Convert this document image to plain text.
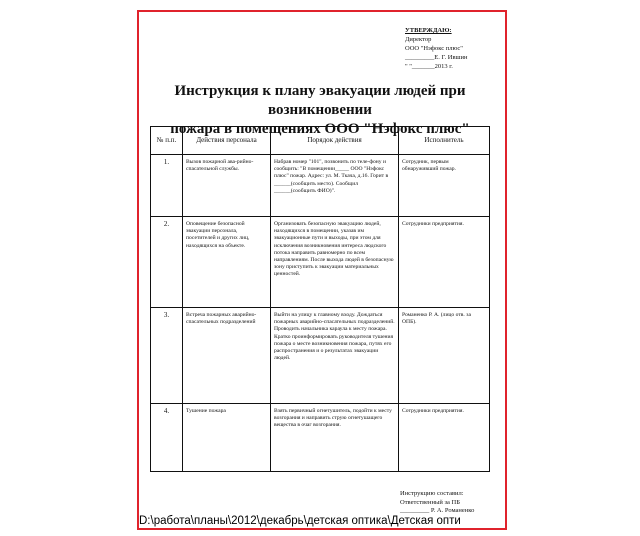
УТВЕРЖДАЮ:
Директор
ООО "Нэфокс плюс"
_________Е. Г. Ившин
" "_______2013 г.
Инструкция к плану эвакуации людей при возникновении
пожара в помещениях ООО "Нэфокс плюс"
№ п.п.	Действия персонала	Порядок действия	Исполнитель
1.	Вызов пожарной ава-рийно-спасательной службы.	Набрав номер "101", позвонить по теле-фону и сообщить: "В помещении_____ ООО "Нэфокс плюс" пожар. Адрес: ул. М. Ткача, д.16. Горит в ______(сообщить место). Сообщил ______(сообщить ФИО)".	Сотрудник, первым обнаруживший пожар.
2.	Оповещение безопасной эвакуации персонала, посетителей и других лиц, находящихся на объекте.	Организовать безопасную эвакуацию людей, находящихся в помещении, указав им эвакуационные пути и выходы, при этом для исключения возникновения интереса людского потока направить равномерно по всем направлениям. После выхода людей в безопасную зону приступить к эвакуации материальных ценностей.	Сотрудники предприятия.
3.	Встреча пожарных аварийно-спасательных подразделений	Выйти на улицу к главному входу. Дождаться пожарных аварийно-спасательных подразделений. Проводить начальника караула к месту пожара. Кратко проинформировать руководителя тушения пожара о месте возникновения пожара, путях его распространения и о результатах эвакуации людей.	Романенко Р. А. (лицо отв. за ОПБ).
4.	Тушение пожара	Взять первичный огнетушитель, подойти к месту возгорания и направить струю огнетушащего вещества в очаг возгорания.	Сотрудники предприятия.
Инструкцию составил:
Ответственный за ПБ
_________ Р. А. Романенко
D:\работа\планы\2012\декабрь\детская оптика\Детская опти
